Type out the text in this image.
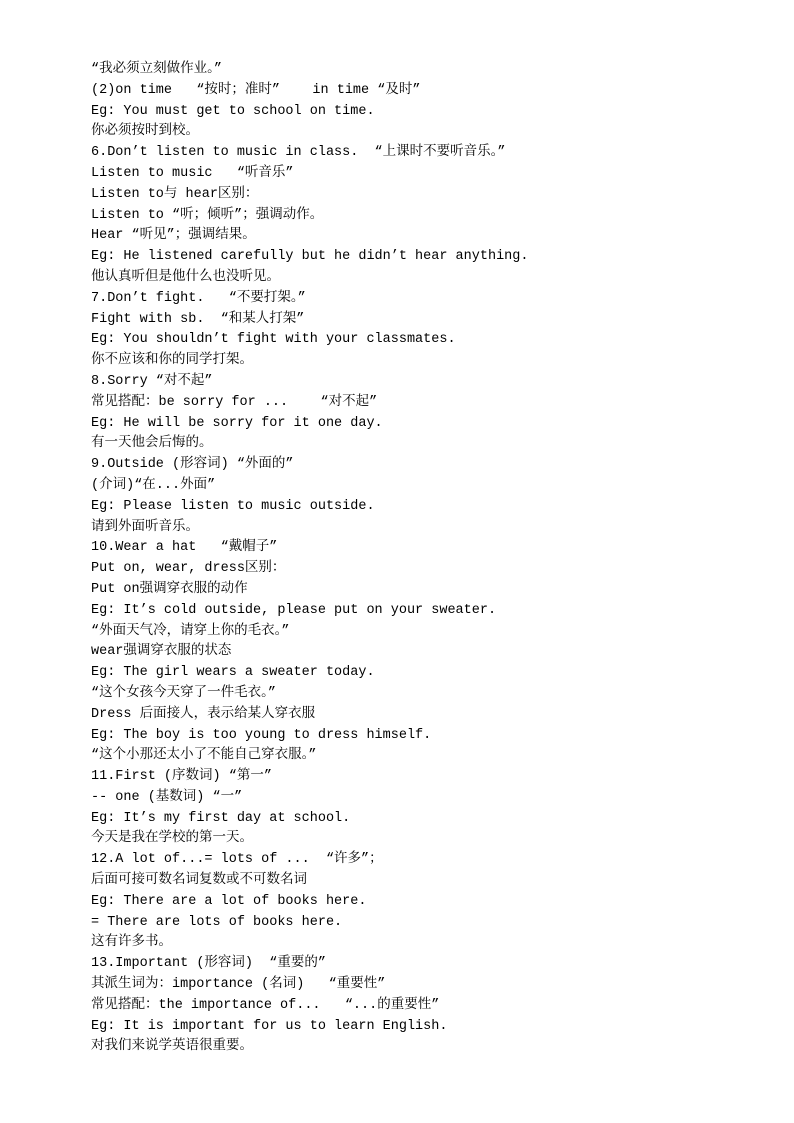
“我必须立刻做作业。”
(2)on time   “按时；准时”    in time “及时”
Eg: You must get to school on time.
你必须按时到校。
6.Don’t listen to music in class.  “上课时不要听音乐。”
Listen to music   “听音乐”
Listen to与 hear区别：
Listen to “听；倾听”；强调动作。
Hear “听见”；强调结果。
Eg: He listened carefully but he didn’t hear anything.
他认真听但是他什么也没听见。
7.Don’t fight.   “不要打架。”
Fight with sb.  “和某人打架”
Eg: You shouldn’t fight with your classmates.
你不应该和你的同学打架。
8.Sorry “对不起”
常见搭配：be sorry for ...    “对不起”
Eg: He will be sorry for it one day.
有一天他会后悔的。
9.Outside (形容词) “外面的”
(介词)“在...外面”
Eg: Please listen to music outside.
请到外面听音乐。
10.Wear a hat   “戴帽子”
Put on, wear, dress区别：
Put on强调穿衣服的动作
Eg: It’s cold outside, please put on your sweater.
“外面天气冷，请穿上你的毛衣。”
wear强调穿衣服的状态
Eg: The girl wears a sweater today.
“这个女孩今天穿了一件毛衣。”
Dress 后面接人，表示给某人穿衣服
Eg: The boy is too young to dress himself.
“这个小那还太小了不能自己穿衣服。”
11.First (序数词) “第一”
-- one (基数词) “一”
Eg: It’s my first day at school.
今天是我在学校的第一天。
12.A lot of...= lots of ...  “许多”；
后面可接可数名词复数或不可数名词
Eg: There are a lot of books here.
= There are lots of books here.
这有许多书。
13.Important (形容词)  “重要的”
其派生词为：importance (名词)   “重要性”
常见搭配：the importance of...   “...的重要性”
Eg: It is important for us to learn English.
对我们来说学英语很重要。
